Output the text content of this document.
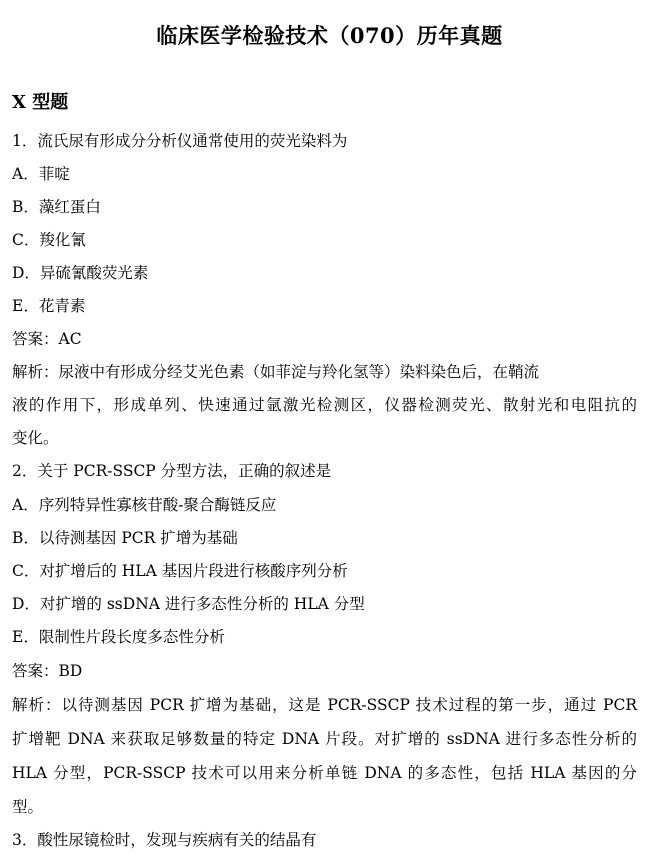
临床医学检验技术（070）历年真题
X 型题
1．流氏尿有形成分分析仪通常使用的荧光染料为
A．菲啶
B．藻红蛋白
C．羧化氰
D．异硫氰酸荧光素
E．花青素
答案：AC
解析：尿液中有形成分经艾光色素（如菲淀与羚化氢等）染料染色后，在鞘流
液的作用下，形成单列、快速通过氩激光检测区，仪器检测荧光、散射光和电阻抗的
变化。
2．关于 PCR-SSCP 分型方法，正确的叙述是
A．序列特异性寡核苷酸-聚合酶链反应
B．以待测基因 PCR 扩增为基础
C．对扩增后的 HLA 基因片段进行核酸序列分析
D．对扩增的 ssDNA 进行多态性分析的 HLA 分型
E．限制性片段长度多态性分析
答案：BD
解析：以待测基因 PCR 扩增为基础，这是 PCR-SSCP 技术过程的第一步，通过 PCR
扩增靶 DNA 来获取足够数量的特定 DNA 片段。对扩增的 ssDNA 进行多态性分析的
HLA 分型，PCR-SSCP 技术可以用来分析单链 DNA 的多态性，包括 HLA 基因的分
型。
3．酸性尿镜检时，发现与疾病有关的结晶有
